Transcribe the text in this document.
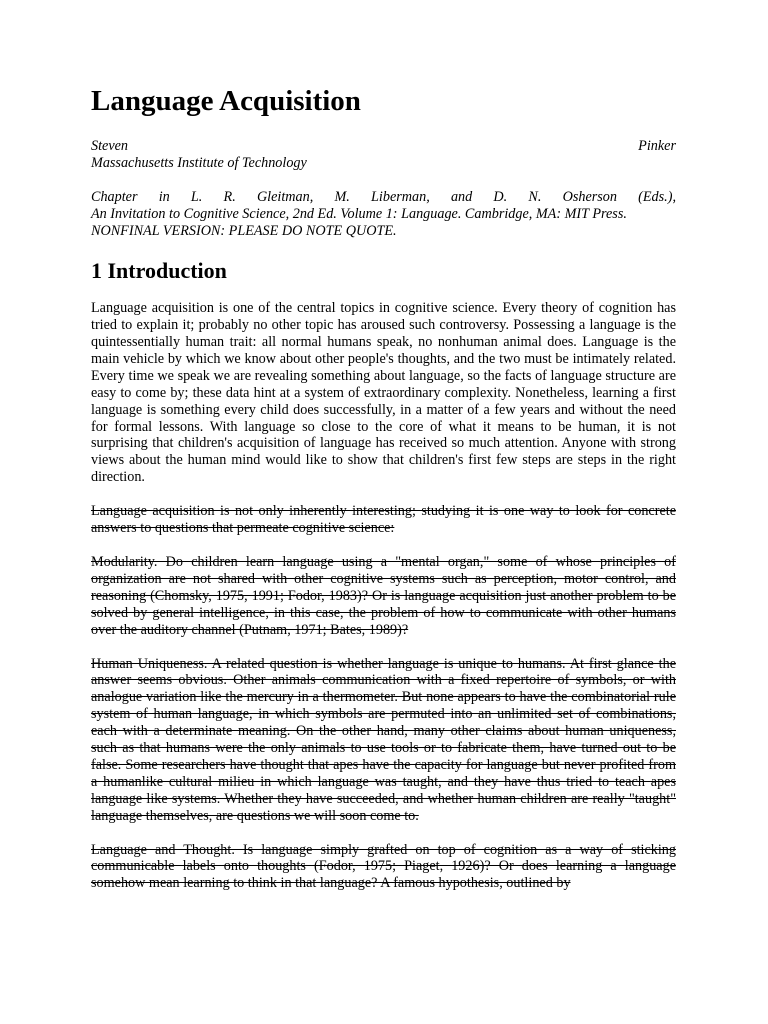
Language Acquisition
Steven	Pinker
Massachusetts Institute of Technology
Chapter in L. R. Gleitman, M. Liberman, and D. N. Osherson (Eds.),
An Invitation to Cognitive Science, 2nd Ed. Volume 1: Language. Cambridge, MA: MIT Press.
NONFINAL VERSION: PLEASE DO NOTE QUOTE.
1 Introduction

Language acquisition is one of the central topics in cognitive science. Every theory of cognition has tried to explain it; probably no other topic has aroused such controversy. Possessing a language is the quintessentially human trait: all normal humans speak, no nonhuman animal does. Language is the main vehicle by which we know about other people's thoughts, and the two must be intimately related. Every time we speak we are revealing something about language, so the facts of language structure are easy to come by; these data hint at a system of extraordinary complexity. Nonetheless, learning a first language is something every child does successfully, in a matter of a few years and without the need for formal lessons. With language so close to the core of what it means to be human, it is not surprising that children's acquisition of language has received so much attention. Anyone with strong views about the human mind would like to show that children's first few steps are steps in the right direction.

Language acquisition is not only inherently interesting; studying it is one way to look for concrete answers to questions that permeate cognitive science:

Modularity. Do children learn language using a "mental organ," some of whose principles of organization are not shared with other cognitive systems such as perception, motor control, and reasoning (Chomsky, 1975, 1991; Fodor, 1983)? Or is language acquisition just another problem to be solved by general intelligence, in this case, the problem of how to communicate with other humans over the auditory channel (Putnam, 1971; Bates, 1989)?

Human Uniqueness. A related question is whether language is unique to humans. At first glance the answer seems obvious. Other animals communication with a fixed repertoire of symbols, or with analogue variation like the mercury in a thermometer. But none appears to have the combinatorial rule system of human language, in which symbols are permuted into an unlimited set of combinations, each with a determinate meaning. On the other hand, many other claims about human uniqueness, such as that humans were the only animals to use tools or to fabricate them, have turned out to be false. Some researchers have thought that apes have the capacity for language but never profited from a humanlike cultural milieu in which language was taught, and they have thus tried to teach apes language like systems. Whether they have succeeded, and whether human children are really "taught" language themselves, are questions we will soon come to.

Language and Thought. Is language simply grafted on top of cognition as a way of sticking communicable labels onto thoughts (Fodor, 1975; Piaget, 1926)? Or does learning a language somehow mean learning to think in that language? A famous hypothesis, outlined by
